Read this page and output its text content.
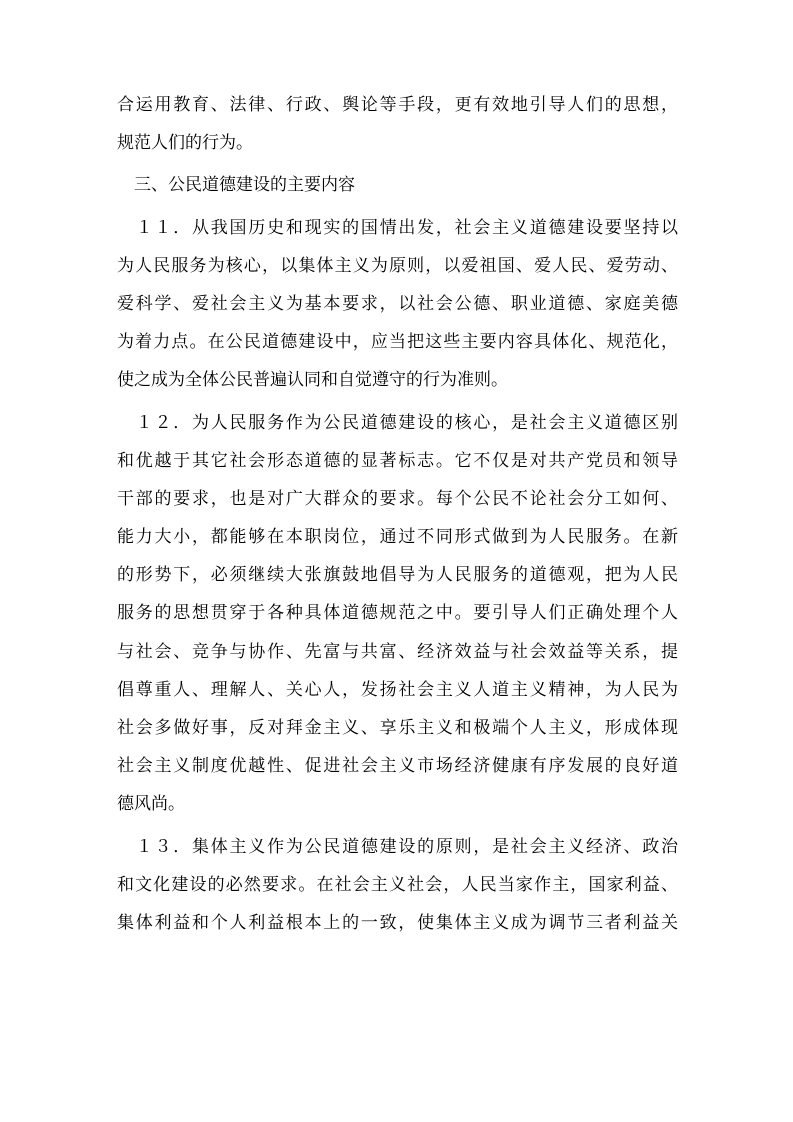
合运用教育、法律、行政、舆论等手段，更有效地引导人们的思想，
规范人们的行为。
　三、公民道德建设的主要内容
　１１．从我国历史和现实的国情出发，社会主义道德建设要坚持以
为人民服务为核心，以集体主义为原则，以爱祖国、爱人民、爱劳动、
爱科学、爱社会主义为基本要求，以社会公德、职业道德、家庭美德
为着力点。在公民道德建设中，应当把这些主要内容具体化、规范化，
使之成为全体公民普遍认同和自觉遵守的行为准则。
　１２．为人民服务作为公民道德建设的核心，是社会主义道德区别
和优越于其它社会形态道德的显著标志。它不仅是对共产党员和领导
干部的要求，也是对广大群众的要求。每个公民不论社会分工如何、
能力大小，都能够在本职岗位，通过不同形式做到为人民服务。在新
的形势下，必须继续大张旗鼓地倡导为人民服务的道德观，把为人民
服务的思想贯穿于各种具体道德规范之中。要引导人们正确处理个人
与社会、竞争与协作、先富与共富、经济效益与社会效益等关系，提
倡尊重人、理解人、关心人，发扬社会主义人道主义精神，为人民为
社会多做好事，反对拜金主义、享乐主义和极端个人主义，形成体现
社会主义制度优越性、促进社会主义市场经济健康有序发展的良好道
德风尚。
　１３．集体主义作为公民道德建设的原则，是社会主义经济、政治
和文化建设的必然要求。在社会主义社会，人民当家作主，国家利益、
集体利益和个人利益根本上的一致，使集体主义成为调节三者利益关
